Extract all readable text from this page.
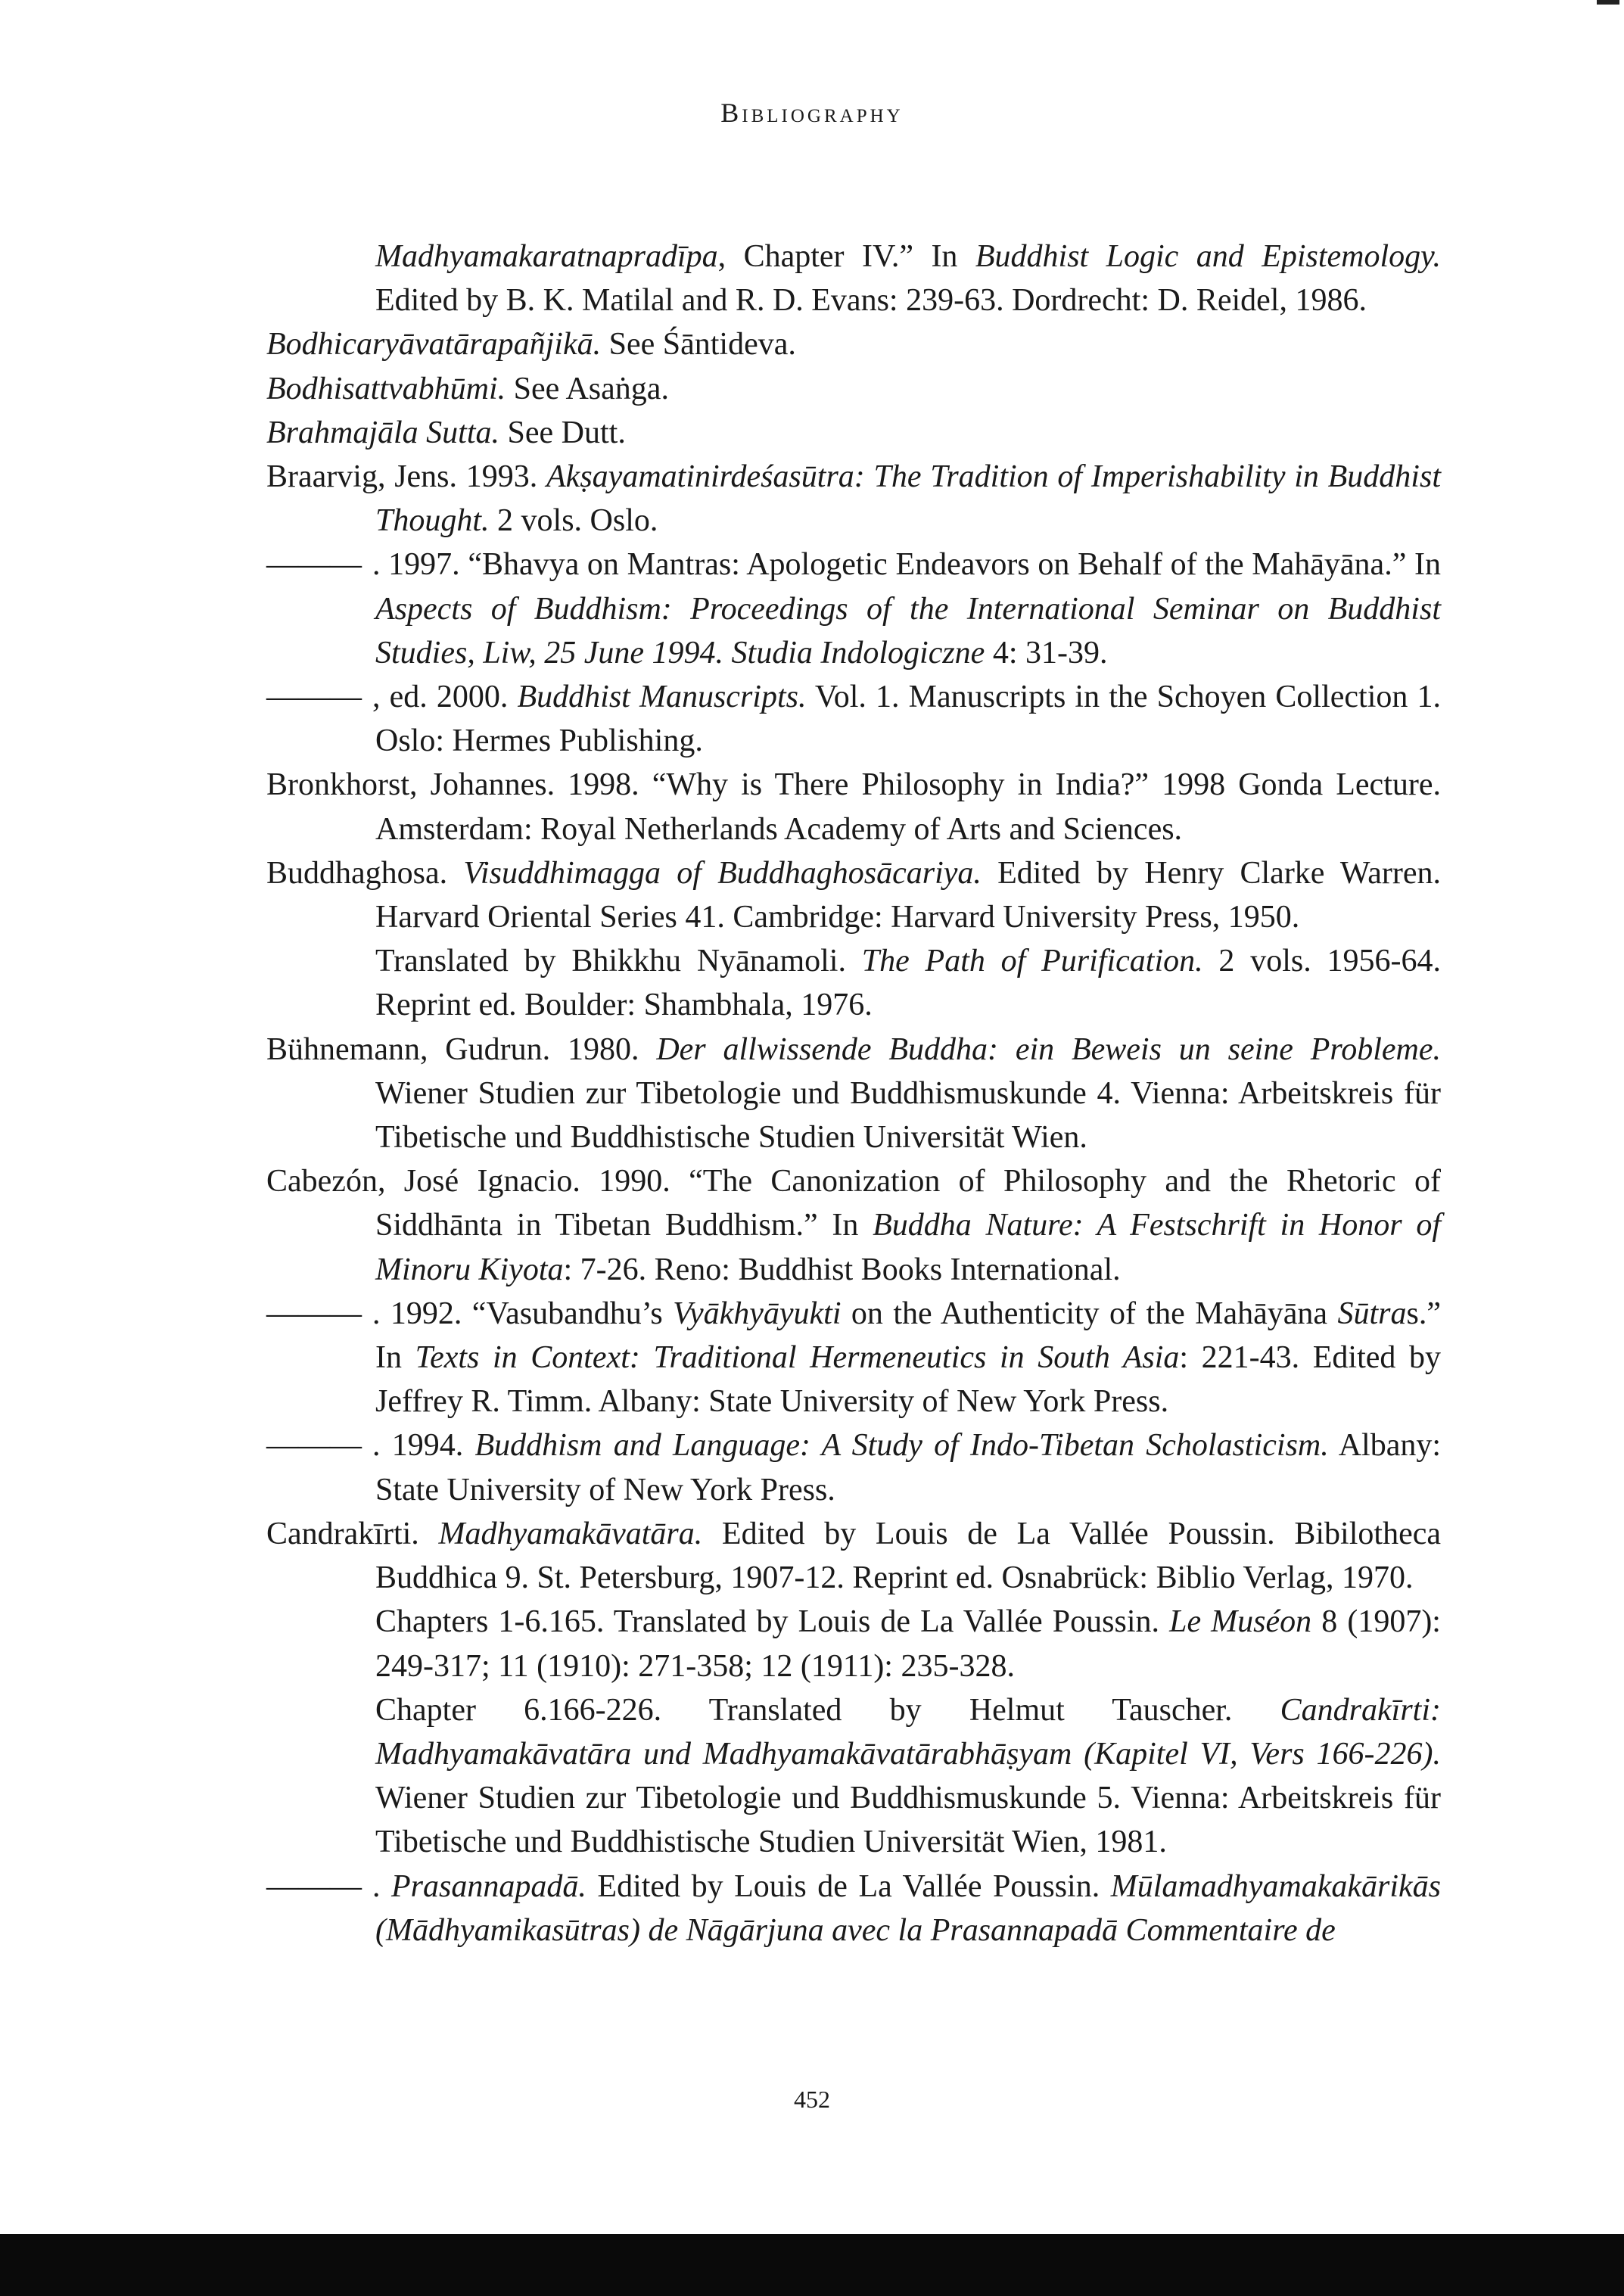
Bibliography
Madhyamakaratnapradīpa, Chapter IV.” In Buddhist Logic and Epistemology. Edited by B. K. Matilal and R. D. Evans: 239-63. Dordrecht: D. Reidel, 1986.
Bodhicaryāvatārapañjikā. See Śāntideva.
Bodhisattvabhūmi. See Asaṅga.
Brahmajāla Sutta. See Dutt.
Braarvig, Jens. 1993. Akṣayamatinirdeśasūtra: The Tradition of Imperishability in Buddhist Thought. 2 vols. Oslo.
——— . 1997. “Bhavya on Mantras: Apologetic Endeavors on Behalf of the Mahāyāna.” In Aspects of Buddhism: Proceedings of the International Seminar on Buddhist Studies, Liw, 25 June 1994. Studia Indologiczne 4: 31-39.
——— , ed. 2000. Buddhist Manuscripts. Vol. 1. Manuscripts in the Schoyen Collection 1. Oslo: Hermes Publishing.
Bronkhorst, Johannes. 1998. “Why is There Philosophy in India?” 1998 Gonda Lecture. Amsterdam: Royal Netherlands Academy of Arts and Sciences.
Buddhaghosa. Visuddhimagga of Buddhaghosācariya. Edited by Henry Clarke Warren. Harvard Oriental Series 41. Cambridge: Harvard University Press, 1950.
Translated by Bhikkhu Nyānamoli. The Path of Purification. 2 vols. 1956-64. Reprint ed. Boulder: Shambhala, 1976.
Bühnemann, Gudrun. 1980. Der allwissende Buddha: ein Beweis un seine Probleme. Wiener Studien zur Tibetologie und Buddhismuskunde 4. Vienna: Arbeitskreis für Tibetische und Buddhistische Studien Universität Wien.
Cabezón, José Ignacio. 1990. “The Canonization of Philosophy and the Rhetoric of Siddhānta in Tibetan Buddhism.” In Buddha Nature: A Festschrift in Honor of Minoru Kiyota: 7-26. Reno: Buddhist Books International.
——— . 1992. “Vasubandhu’s Vyākhyāyukti on the Authenticity of the Mahāyāna Sūtras.” In Texts in Context: Traditional Hermeneutics in South Asia: 221-43. Edited by Jeffrey R. Timm. Albany: State University of New York Press.
——— . 1994. Buddhism and Language: A Study of Indo-Tibetan Scholasticism. Albany: State University of New York Press.
Candrakīrti. Madhyamakāvatāra. Edited by Louis de La Vallée Poussin. Bibilotheca Buddhica 9. St. Petersburg, 1907-12. Reprint ed. Osnabrück: Biblio Verlag, 1970.
Chapters 1-6.165. Translated by Louis de La Vallée Poussin. Le Muséon 8 (1907): 249-317; 11 (1910): 271-358; 12 (1911): 235-328.
Chapter 6.166-226. Translated by Helmut Tauscher. Candrakīrti: Madhyamakāvatāra und Madhyamakāvatārabhāṣyam (Kapitel VI, Vers 166-226). Wiener Studien zur Tibetologie und Buddhismuskunde 5. Vienna: Arbeitskreis für Tibetische und Buddhistische Studien Universität Wien, 1981.
——— . Prasannapadā. Edited by Louis de La Vallée Poussin. Mūlamadhyamakakārikās (Mādhyamikasūtras) de Nāgārjuna avec la Prasannapadā Commentaire de
452
